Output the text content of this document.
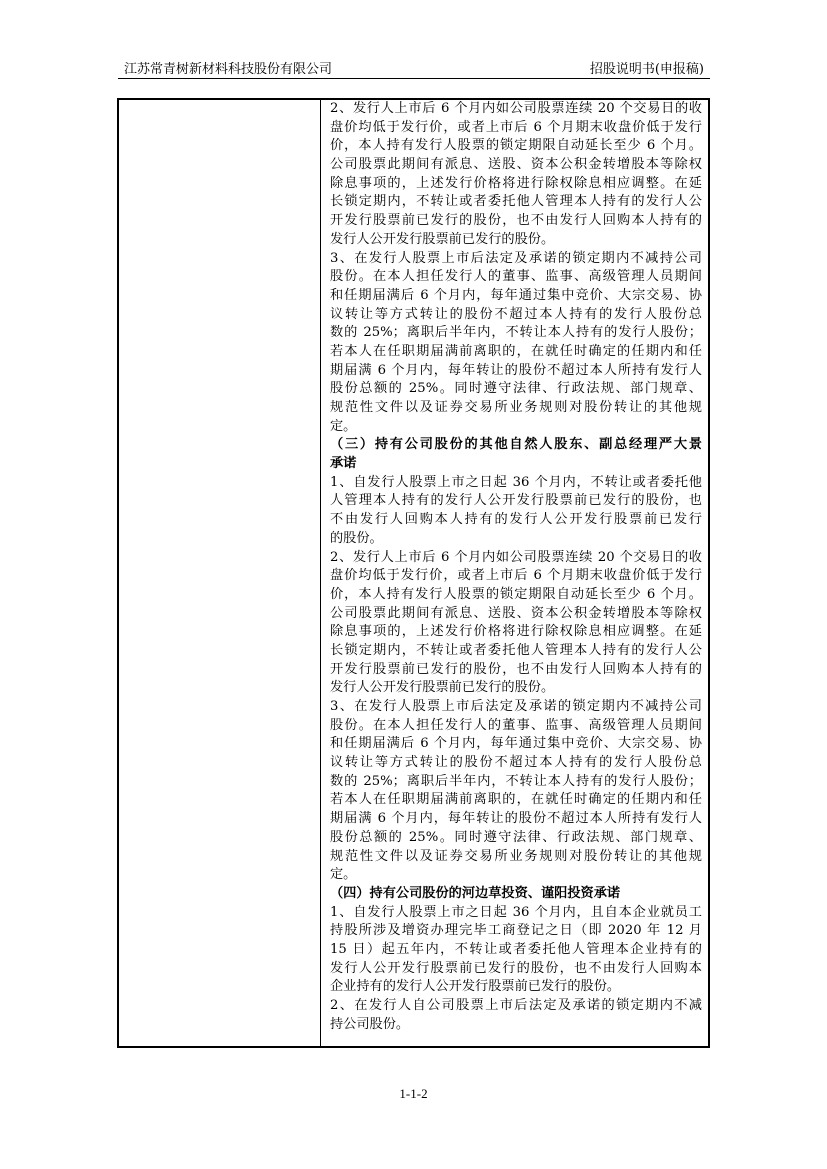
江苏常青树新材料科技股份有限公司	招股说明书(申报稿)
2、发行人上市后 6 个月内如公司股票连续 20 个交易日的收
盘价均低于发行价，或者上市后 6 个月期末收盘价低于发行
价，本人持有发行人股票的锁定期限自动延长至少 6 个月。
公司股票此期间有派息、送股、资本公积金转增股本等除权
除息事项的，上述发行价格将进行除权除息相应调整。在延
长锁定期内，不转让或者委托他人管理本人持有的发行人公
开发行股票前已发行的股份，也不由发行人回购本人持有的
发行人公开发行股票前已发行的股份。
3、在发行人股票上市后法定及承诺的锁定期内不减持公司
股份。在本人担任发行人的董事、监事、高级管理人员期间
和任期届满后 6 个月内，每年通过集中竞价、大宗交易、协
议转让等方式转让的股份不超过本人持有的发行人股份总
数的 25%；离职后半年内，不转让本人持有的发行人股份；
若本人在任职期届满前离职的，在就任时确定的任期内和任
期届满 6 个月内，每年转让的股份不超过本人所持有发行人
股份总额的 25%。同时遵守法律、行政法规、部门规章、
规范性文件以及证券交易所业务规则对股份转让的其他规
定。
（三）持有公司股份的其他自然人股东、副总经理严大景
承诺
1、自发行人股票上市之日起 36 个月内，不转让或者委托他
人管理本人持有的发行人公开发行股票前已发行的股份，也
不由发行人回购本人持有的发行人公开发行股票前已发行
的股份。
2、发行人上市后 6 个月内如公司股票连续 20 个交易日的收
盘价均低于发行价，或者上市后 6 个月期末收盘价低于发行
价，本人持有发行人股票的锁定期限自动延长至少 6 个月。
公司股票此期间有派息、送股、资本公积金转增股本等除权
除息事项的，上述发行价格将进行除权除息相应调整。在延
长锁定期内，不转让或者委托他人管理本人持有的发行人公
开发行股票前已发行的股份，也不由发行人回购本人持有的
发行人公开发行股票前已发行的股份。
3、在发行人股票上市后法定及承诺的锁定期内不减持公司
股份。在本人担任发行人的董事、监事、高级管理人员期间
和任期届满后 6 个月内，每年通过集中竞价、大宗交易、协
议转让等方式转让的股份不超过本人持有的发行人股份总
数的 25%；离职后半年内，不转让本人持有的发行人股份；
若本人在任职期届满前离职的，在就任时确定的任期内和任
期届满 6 个月内，每年转让的股份不超过本人所持有发行人
股份总额的 25%。同时遵守法律、行政法规、部门规章、
规范性文件以及证券交易所业务规则对股份转让的其他规
定。
（四）持有公司股份的河边草投资、谨阳投资承诺
1、自发行人股票上市之日起 36 个月内，且自本企业就员工
持股所涉及增资办理完毕工商登记之日（即 2020 年 12 月
15 日）起五年内，不转让或者委托他人管理本企业持有的
发行人公开发行股票前已发行的股份，也不由发行人回购本
企业持有的发行人公开发行股票前已发行的股份。
2、在发行人自公司股票上市后法定及承诺的锁定期内不减
持公司股份。
1-1-2
